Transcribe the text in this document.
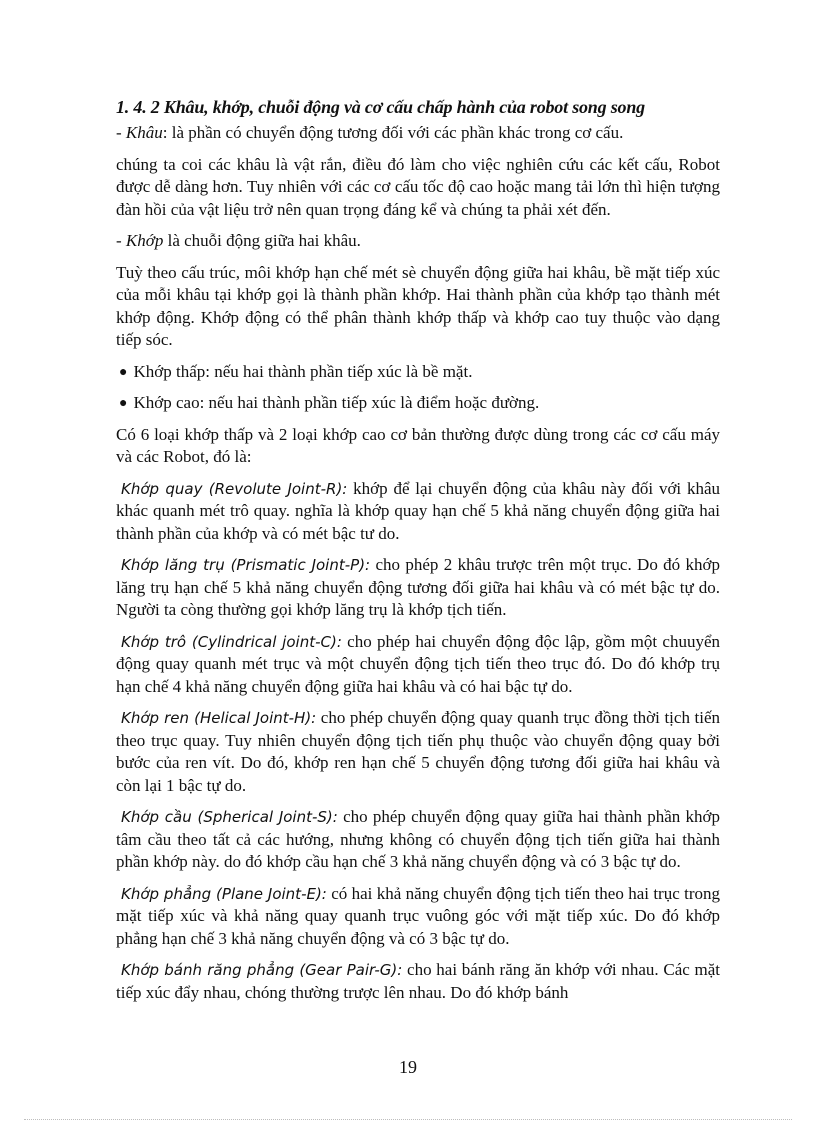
1. 4. 2 Khâu, khớp, chuỗi động và cơ cấu chấp hành của robot song song

- Khâu: là phần có chuyển động tương đối với các phần khác trong cơ cấu.

chúng ta coi các khâu là vật rắn, điều đó làm cho việc nghiên cứu các kết cấu, Robot được dễ dàng hơn. Tuy nhiên với các cơ cấu tốc độ cao hoặc mang tải lớn thì hiện tượng đàn hồi của vật liệu trở nên quan trọng đáng kể và chúng ta phải xét đến.

- Khớp là chuỗi động giữa hai khâu.

Tuỳ theo cấu trúc, môi khớp hạn chế mét sè chuyển động giữa hai khâu, bề mặt tiếp xúc của mỗi khâu tại khớp gọi là thành phần khớp. Hai thành phần của khớp tạo thành mét khớp động. Khớp động có thể phân thành khớp thấp và khớp cao tuy thuộc vào dạng tiếp sóc.

● Khớp thấp: nếu hai thành phần tiếp xúc là bề mặt.
● Khớp cao: nếu hai thành phần tiếp xúc là điểm hoặc đường.

Có 6 loại khớp thấp và 2 loại khớp cao cơ bản thường được dùng trong các cơ cấu máy và các Robot, đó là:

Khớp quay (Revolute Joint-R): khớp để lại chuyển động của khâu này đối với khâu khác quanh mét trô quay. nghĩa là khớp quay hạn chế 5 khả năng chuyển động giữa hai thành phần của khớp và có mét bậc tư do.

Khớp lăng trụ (Prismatic Joint-P): cho phép 2 khâu trược trên một trục. Do đó khớp lăng trụ hạn chế 5 khả năng chuyển động tương đối giữa hai khâu và có mét bậc tự do. Người ta còng thường gọi khớp lăng trụ là khớp tịch tiến.

Khớp trô (Cylindrical joint-C): cho phép hai chuyển động độc lập, gồm một chuuyển động quay quanh mét trục và một chuyển động tịch tiến theo trục đó. Do đó khớp trụ hạn chế 4 khả năng chuyển động giữa hai khâu và có hai bậc tự do.

Khớp ren (Helical Joint-H): cho phép chuyển động quay quanh trục đồng thời tịch tiến theo trục quay. Tuy nhiên chuyển động tịch tiến phụ thuộc vào chuyển động quay bởi bước của ren vít. Do đó, khớp ren hạn chế 5 chuyển động tương đối giữa hai khâu và còn lại 1 bậc tự do.

Khớp cầu (Spherical Joint-S): cho phép chuyển động quay giữa hai thành phần khớp tâm cầu theo tất cả các hướng, nhưng không có chuyển động tịch tiến giữa hai thành phần khớp này. do đó khớp cầu hạn chế 3 khả năng chuyển động và có 3 bậc tự do.

Khớp phẳng (Plane Joint-E): có hai khả năng chuyển động tịch tiến theo hai trục trong mặt tiếp xúc và khả năng quay quanh trục vuông góc với mặt tiếp xúc. Do đó khớp phẳng hạn chế 3 khả năng chuyển động và có 3 bậc tự do.

Khớp bánh răng phẳng (Gear Pair-G): cho hai bánh răng ăn khớp với nhau. Các mặt tiếp xúc đẩy nhau, chóng thường trược lên nhau. Do đó khớp bánh

19
